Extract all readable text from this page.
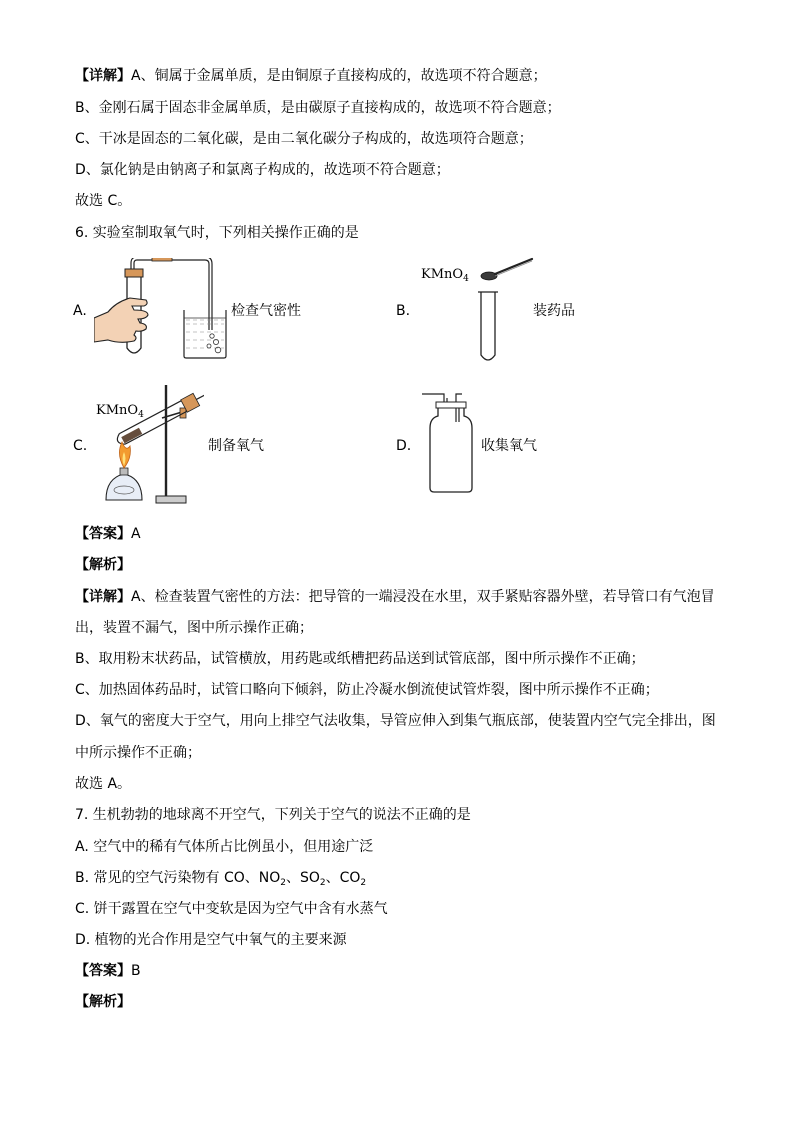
【详解】A、铜属于金属单质，是由铜原子直接构成的，故选项不符合题意；
B、金刚石属于固态非金属单质，是由碳原子直接构成的，故选项不符合题意；
C、干冰是固态的二氧化碳，是由二氧化碳分子构成的，故选项符合题意；
D、氯化钠是由钠离子和氯离子构成的，故选项不符合题意；
故选 C。
6. 实验室制取氧气时，下列相关操作正确的是
A.	检查气密性	B.
KMnO$_4$
装药品
C.
KMnO$_4$
制备氧气	D.	收集氧气
【答案】A
【解析】
【详解】A、检查装置气密性的方法：把导管的一端浸没在水里，双手紧贴容器外壁，若导管口有气泡冒
出，装置不漏气，图中所示操作正确；
B、取用粉末状药品，试管横放，用药匙或纸槽把药品送到试管底部，图中所示操作不正确；
C、加热固体药品时，试管口略向下倾斜，防止冷凝水倒流使试管炸裂，图中所示操作不正确；
D、氧气的密度大于空气，用向上排空气法收集，导管应伸入到集气瓶底部，使装置内空气完全排出，图
中所示操作不正确；
故选 A。
7. 生机勃勃的地球离不开空气，下列关于空气的说法不正确的是
A. 空气中的稀有气体所占比例虽小，但用途广泛
B. 常见的空气污染物有 CO、$NO_2$、$SO_2$、$CO_2$
C. 饼干露置在空气中变软是因为空气中含有水蒸气
D. 植物的光合作用是空气中氧气的主要来源
【答案】B
【解析】
